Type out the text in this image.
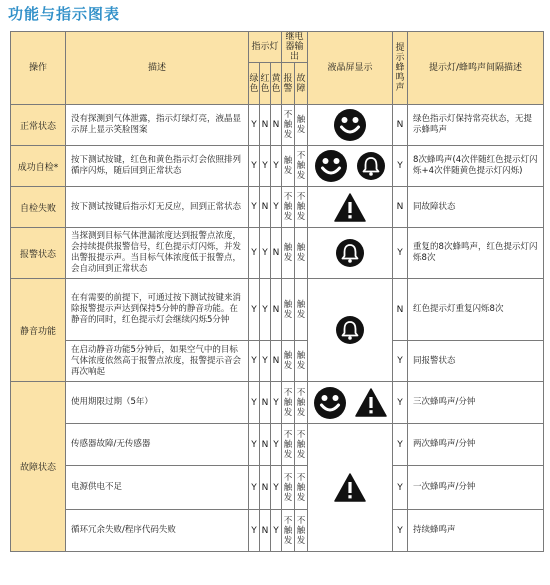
功能与指示图表
操作	描述	指示灯			继电器输出		液晶屏显示	提示蜂鸣声	提示灯/蜂鸣声间隔描述

		绿色	红色	黄色	报警	故障			

正常状态	没有探测到气体泄露，指示灯绿灯亮，液晶显示屏上显示笑脸图案	Y	N	N	不触发	触发		N	绿色指示灯保持常亮状态，无提示蜂鸣声
成功自检*	按下测试按键，红色和黄色指示灯会依照排列循序闪烁，随后回到正常状态	Y	Y	Y	触发	不触发		Y	8次蜂鸣声(4次伴随红色提示灯闪烁+4次伴随黄色提示灯闪烁)
自检失败	按下测试按键后指示灯无反应，回到正常状态	Y	N	Y	不触发	不触发		N	同故障状态
报警状态	当探测到目标气体泄漏浓度达到报警点浓度，会持续提供报警信号，红色提示灯闪烁，并发出警报提示声。当目标气体浓度低于报警点，会自动回到正常状态	Y	Y	N	触发	触发		Y	重复的8次蜂鸣声，红色提示灯闪烁8次
静音功能	在有需要的前提下，可通过按下测试按键来消除报警提示声达到保持5分钟的静音功能。在静音的同时，红色提示灯会继续闪烁5分钟	Y	Y	N	触发	触发		N	红色提示灯重复闪烁8次
	在启动静音功能5分钟后，如果空气中的目标气体浓度依然高于报警点浓度，报警提示音会再次响起	Y	Y	N	触发	触发		Y	同报警状态
故障状态	使用期限过期（5年）	Y	N	Y	不触发	不触发		Y	三次蜂鸣声/分钟
	传感器故障/无传感器	Y	N	Y	不触发	不触发		Y	两次蜂鸣声/分钟
	电源供电不足	Y	N	Y	不触发	不触发		Y	一次蜂鸣声/分钟
	循环冗余失败/程序代码失败	Y	N	Y	不触发	不触发		Y	持续蜂鸣声
